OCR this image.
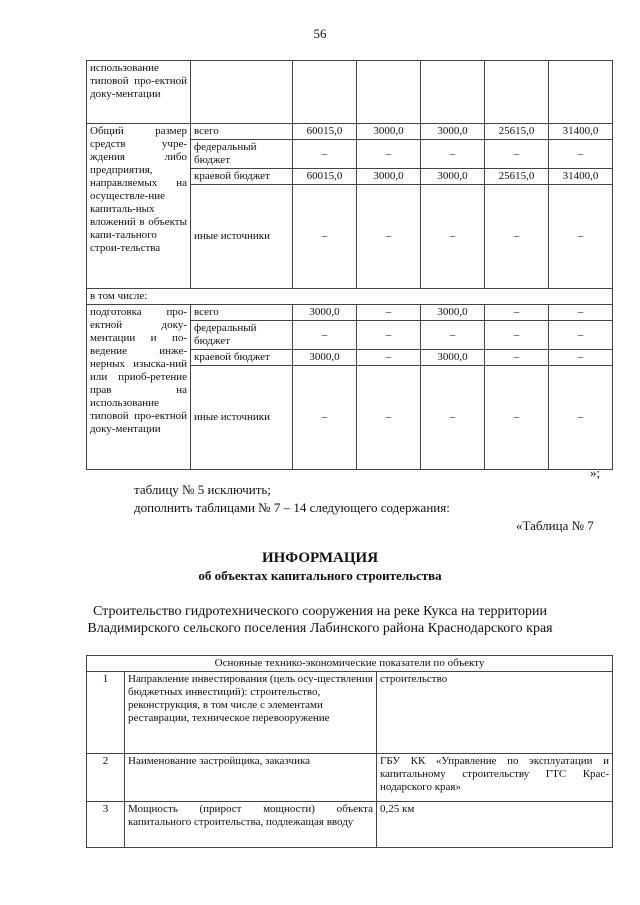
56
использование типовой про-ектной доку-ментации						
Общий размер средств учре-ждения либо предприятия, направляемых на осуществле-ние капиталь-ных вложений в объекты капи-тального строи-тельства	всего	60015,0	3000,0	3000,0	25615,0	31400,0
	федеральный бюджет	–	–	–	–	–
	краевой бюджет	60015,0	3000,0	3000,0	25615,0	31400,0
	иные источники	–	–	–	–	–
в том числе:						
подготовка про-ектной доку-ментации и по-ведение инже-нерных изыска-ний или приоб-ретение прав на использование типовой про-ектной доку-ментации	всего	3000,0	–	3000,0	–	–
	федеральный бюджет	–	–	–	–	–
	краевой бюджет	3000,0	–	3000,0	–	–
	иные источники	–	–	–	–	–
»;
таблицу № 5 исключить;
дополнить таблицами № 7 – 14 следующего содержания:
«Таблица № 7
ИНФОРМАЦИЯ
об объектах капитального строительства
Строительство гидротехнического сооружения на реке Кукса на территории
Владимирского сельского поселения Лабинского района Краснодарского края
Основные технико-экономические показатели по объекту		
1	Направление инвестирования (цель осу-ществления бюджетных инвестиций): строительство, реконструкция, в том числе с элементами реставрации, техническое перевооружение	строительство
2	Наименование застройщика, заказчика	ГБУ КК «Управление по эксплуатации и капитальному строительству ГТС Крас-нодарского края»
3	Мощность (прирост мощности) объекта капитального строительства, подлежащая вводу	0,25 км
